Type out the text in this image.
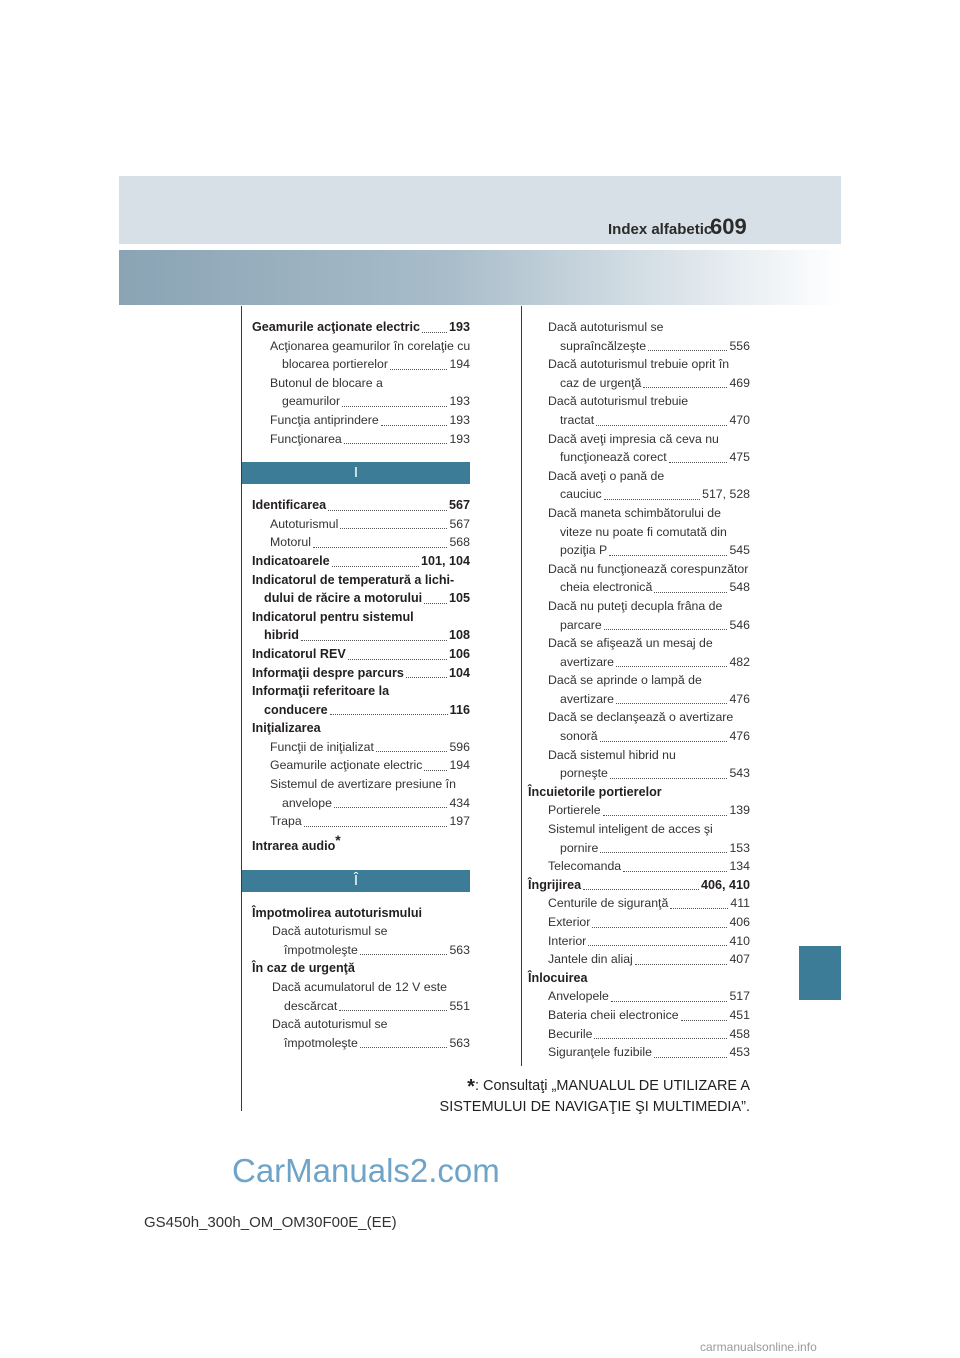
Index alfabetic
609
Geamurile acţionate electric 193
Acţionarea geamurilor în corelaţie cu
blocarea portierelor	194
Butonul de blocare a
geamurilor	193
Funcţia antiprindere	193
Funcţionarea	193
I
Identificarea	567
Autoturismul	567
Motorul	568
Indicatoarele	101, 104
Indicatorul de temperatură a lichi-
dului de răcire a motorului 105
Indicatorul pentru sistemul
hibrid	108
Indicatorul REV	106
Informaţii despre parcurs	104
Informaţii referitoare la
conducere	116
Iniţializarea
Funcţii de iniţializat	596
Geamurile acţionate electric 194
Sistemul de avertizare presiune în
anvelope	434
Trapa	197
Intrarea audio*
Î
Împotmolirea autoturismului
Dacă autoturismul se
împotmoleşte	563
În caz de urgenţă
Dacă acumulatorul de 12 V este
descărcat	551
Dacă autoturismul se
împotmoleşte	563
Dacă autoturismul se
supraîncălzeşte	556
Dacă autoturismul trebuie oprit în
caz de urgenţă	469
Dacă autoturismul trebuie
tractat	470
Dacă aveţi impresia că ceva nu
funcţionează corect	475
Dacă aveţi o pană de
cauciuc	517, 528
Dacă maneta schimbătorului de
viteze nu poate fi comutată din
poziţia P	545
Dacă nu funcţionează corespunzător
cheia electronică	548
Dacă nu puteţi decupla frâna de
parcare	546
Dacă se afişează un mesaj de
avertizare	482
Dacă se aprinde o lampă de
avertizare	476
Dacă se declanşează o avertizare
sonoră	476
Dacă sistemul hibrid nu
porneşte	543
Încuietorile portierelor
Portierele	139
Sistemul inteligent de acces şi
pornire	153
Telecomanda	134
Îngrijirea	406, 410
Centurile de siguranţă	411
Exterior	406
Interior	410
Jantele din aliaj	407
Înlocuirea
Anvelopele	517
Bateria cheii electronice	451
Becurile	458
Siguranţele fuzibile	453
*: Consultaţi „MANUALUL DE UTILIZARE A
SISTEMULUI DE NAVIGAŢIE ŞI MULTIMEDIA”.
CarManuals2.com
GS450h_300h_OM_OM30F00E_(EE)
carmanualsonline.info
